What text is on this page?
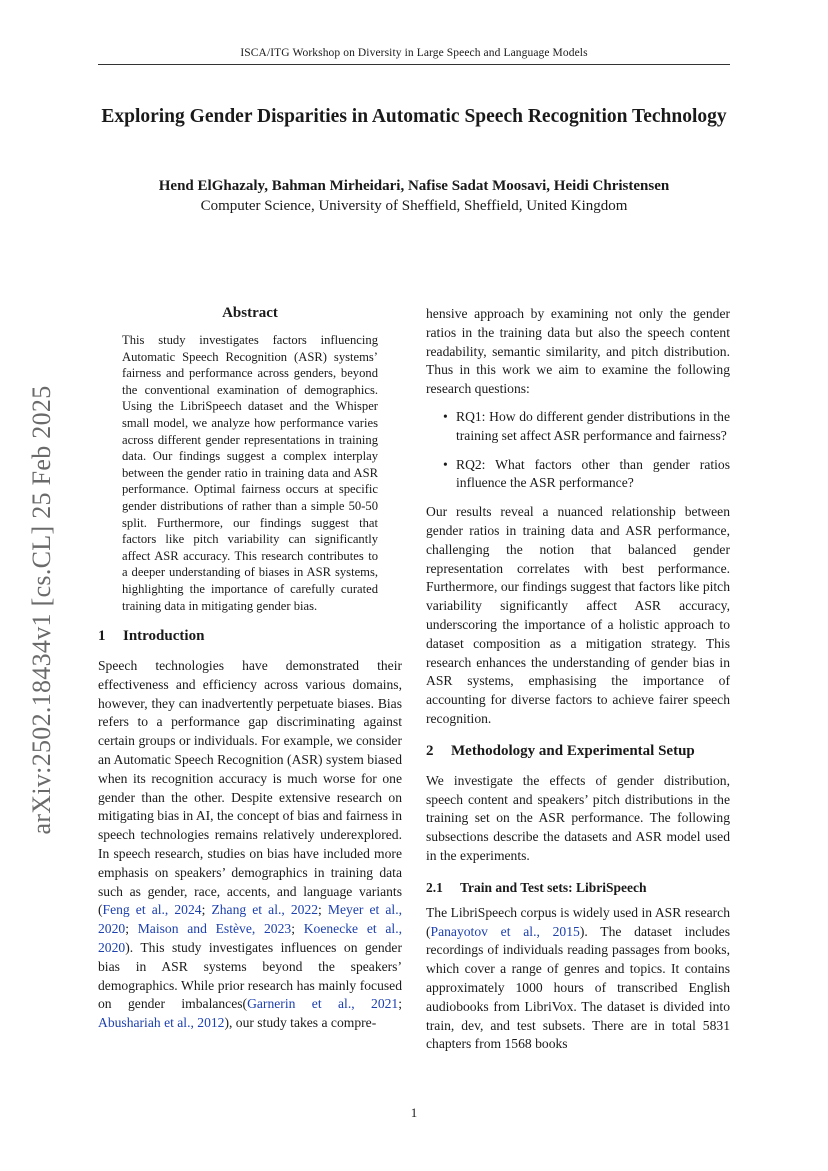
ISCA/ITG Workshop on Diversity in Large Speech and Language Models
Exploring Gender Disparities in Automatic Speech Recognition Technology
Hend ElGhazaly, Bahman Mirheidari, Nafise Sadat Moosavi, Heidi Christensen
Computer Science, University of Sheffield, Sheffield, United Kingdom
arXiv:2502.18434v1 [cs.CL] 25 Feb 2025
Abstract

This study investigates factors influencing Automatic Speech Recognition (ASR) systems’ fairness and performance across genders, beyond the conventional examination of demographics. Using the LibriSpeech dataset and the Whisper small model, we analyze how performance varies across different gender representations in training data. Our findings suggest a complex interplay between the gender ratio in training data and ASR performance. Optimal fairness occurs at specific gender distributions of rather than a simple 50-50 split. Furthermore, our findings suggest that factors like pitch variability can significantly affect ASR accuracy. This research contributes to a deeper understanding of biases in ASR systems, highlighting the importance of carefully curated training data in mitigating gender bias.

1 Introduction

Speech technologies have demonstrated their effectiveness and efficiency across various domains, however, they can inadvertently perpetuate biases. Bias refers to a performance gap discriminating against certain groups or individuals. For example, we consider an Automatic Speech Recognition (ASR) system biased when its recognition accuracy is much worse for one gender than the other. Despite extensive research on mitigating bias in AI, the concept of bias and fairness in speech technologies remains relatively underexplored. In speech research, studies on bias have included more emphasis on speakers’ demographics in training data such as gender, race, accents, and language variants (Feng et al., 2024; Zhang et al., 2022; Meyer et al., 2020; Maison and Estève, 2023; Koenecke et al., 2020). This study investigates influences on gender bias in ASR systems beyond the speakers’ demographics. While prior research has mainly focused on gender imbalances(Garnerin et al., 2021; Abushariah et al., 2012), our study takes a compre-

hensive approach by examining not only the gender ratios in the training data but also the speech content readability, semantic similarity, and pitch distribution. Thus in this work we aim to examine the following research questions:

• RQ1: How do different gender distributions in the training set affect ASR performance and fairness?
• RQ2: What factors other than gender ratios influence the ASR performance?

Our results reveal a nuanced relationship between gender ratios in training data and ASR performance, challenging the notion that balanced gender representation correlates with best performance. Furthermore, our findings suggest that factors like pitch variability significantly affect ASR accuracy, underscoring the importance of a holistic approach to dataset composition as a mitigation strategy. This research enhances the understanding of gender bias in ASR systems, emphasising the importance of accounting for diverse factors to achieve fairer speech recognition.

2 Methodology and Experimental Setup

We investigate the effects of gender distribution, speech content and speakers’ pitch distributions in the training set on the ASR performance. The following subsections describe the datasets and ASR model used in the experiments.

2.1 Train and Test sets: LibriSpeech

The LibriSpeech corpus is widely used in ASR research (Panayotov et al., 2015). The dataset includes recordings of individuals reading passages from books, which cover a range of genres and topics. It contains approximately 1000 hours of transcribed English audiobooks from LibriVox. The dataset is divided into train, dev, and test subsets. There are in total 5831 chapters from 1568 books

1
